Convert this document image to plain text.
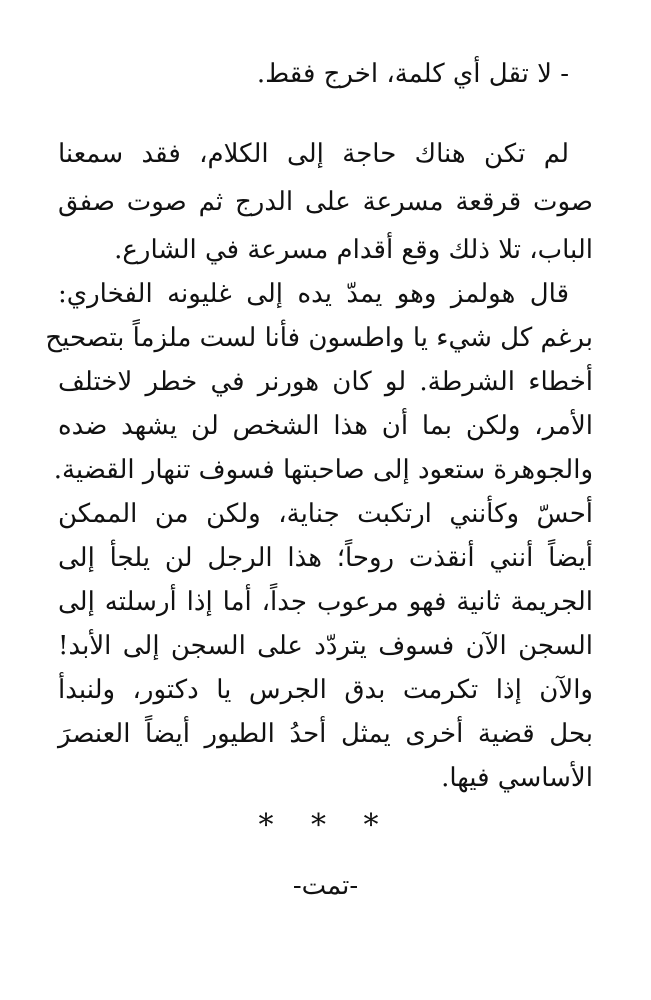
- لا تقل أي كلمة، اخرج فقط.
لم تكن هناك حاجة إلى الكلام، فقد سمعنا
صوت قرقعة مسرعة على الدرج ثم صوت صفق
الباب، تلا ذلك وقع أقدام مسرعة في الشارع.
قال هولمز وهو يمدّ يده إلى غليونه الفخاري:
برغم كل شيء يا واطسون فأنا لست ملزماً بتصحيح
أخطاء الشرطة. لو كان هورنر في خطر لاختلف
الأمر، ولكن بما أن هذا الشخص لن يشهد ضده
والجوهرة ستعود إلى صاحبتها فسوف تنهار القضية.
أحسّ وكأنني ارتكبت جناية، ولكن من الممكن
أيضاً أنني أنقذت روحاً؛ هذا الرجل لن يلجأ إلى
الجريمة ثانية فهو مرعوب جداً، أما إذا أرسلته إلى
السجن الآن فسوف يتردّد على السجن إلى الأبد!
والآن إذا تكرمت بدق الجرس يا دكتور، ولنبدأ
بحل قضية أخرى يمثل أحدُ الطيور أيضاً العنصرَ
الأساسي فيها.
* * *
-تمت-
